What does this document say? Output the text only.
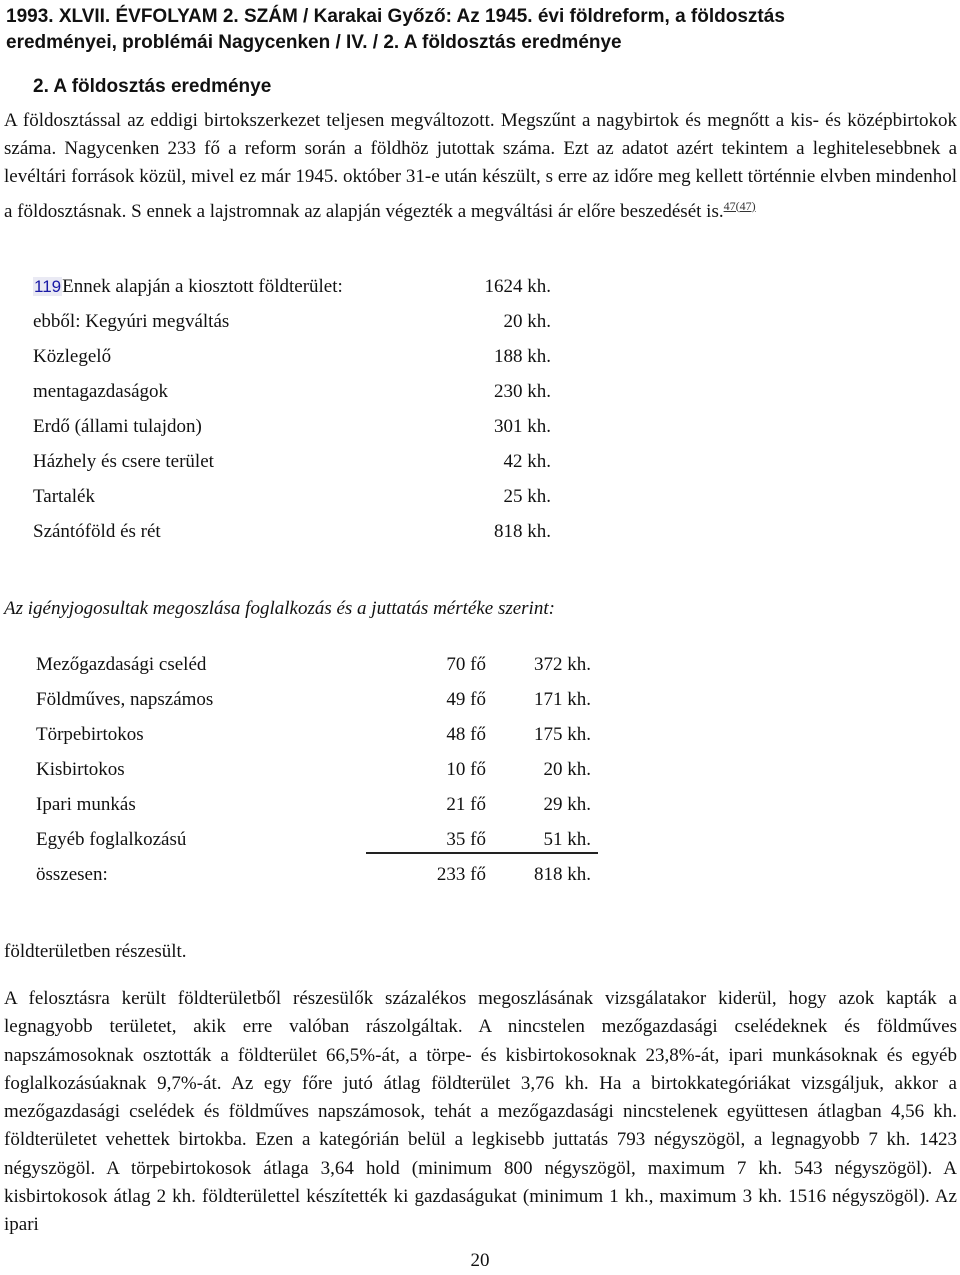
1993. XLVII. ÉVFOLYAM 2. SZÁM / Karakai Győző: Az 1945. évi földreform, a földosztás
eredményei, problémái Nagycenken / IV. / 2. A földosztás eredménye
2. A földosztás eredménye

A földosztással az eddigi birtokszerkezet teljesen megváltozott. Megszűnt a nagybirtok és megnőtt a kis- és középbirtokok száma. Nagycenken 233 fő a reform során a földhöz jutottak száma. Ezt az adatot azért tekintem a leghitelesebbnek a levéltári források közül, mivel ez már 1945. október 31-e után készült, s erre az időre meg kellett történnie elvben mindenhol a földosztásnak. S ennek a lajstromnak az alapján végezték a megváltási ár előre beszedését is.$^{47(47)}$

119Ennek alapján a kiosztott földterület:	1624 kh.
ebből: Kegyúri megváltás	20 kh.
Közlegelő	188 kh.
mentagazdaságok	230 kh.
Erdő (állami tulajdon)	301 kh.
Házhely és csere terület	42 kh.
Tartalék	25 kh.
Szántóföld és rét	818 kh.
Az igényjogosultak megoszlása foglalkozás és a juttatás mértéke szerint:
Mezőgazdasági cseléd	70 fő	372 kh.
Földműves, napszámos	49 fő	171 kh.
Törpebirtokos	48 fő	175 kh.
Kisbirtokos	10 fő	20 kh.
Ipari munkás	21 fő	29 kh.
Egyéb foglalkozású	35 fő	51 kh.
összesen:	233 fő	818 kh.
földterületben részesült.

A felosztásra került földterületből részesülők százalékos megoszlásának vizsgálatakor kiderül, hogy azok kapták a legnagyobb területet, akik erre valóban rászolgáltak. A nincstelen mezőgazdasági cselédeknek és földműves napszámosoknak osztották a földterület 66,5%-át, a törpe- és kisbirtokosoknak 23,8%-át, ipari munkásoknak és egyéb foglalkozásúaknak 9,7%-át. Az egy főre jutó átlag földterület 3,76 kh. Ha a birtokkategóriákat vizsgáljuk, akkor a mezőgazdasági cselédek és földműves napszámosok, tehát a mezőgazdasági nincstelenek együttesen átlagban 4,56 kh. földterületet vehettek birtokba. Ezen a kategórián belül a legkisebb juttatás 793 négyszögöl, a legnagyobb 7 kh. 1423 négyszögöl. A törpebirtokosok átlaga 3,64 hold (minimum 800 négyszögöl, maximum 7 kh. 543 négyszögöl). A kisbirtokosok átlag 2 kh. földterülettel készítették ki gazdaságukat (minimum 1 kh., maximum 3 kh. 1516 négyszögöl). Az ipari

20
